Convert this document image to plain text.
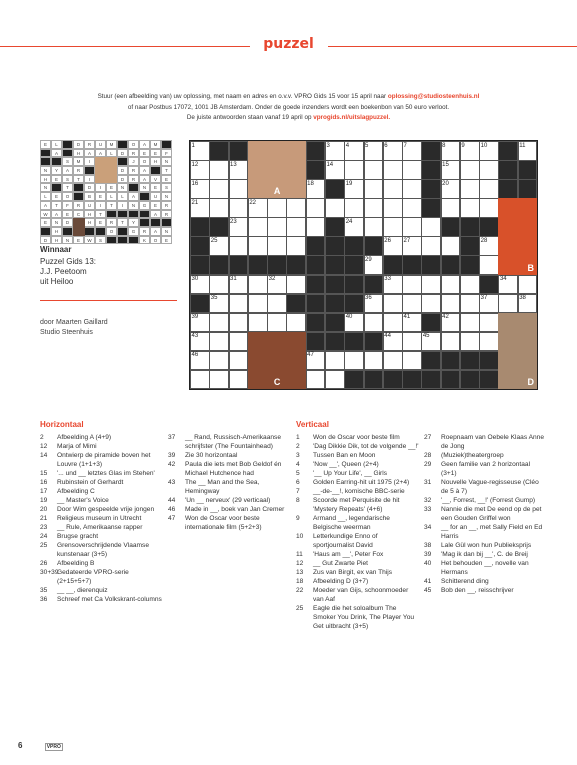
puzzel
Stuur (een afbeelding van) uw oplossing, met naam en adres en o.v.v. VPRO Gids 15 voor 15 april naar oplossing@studiosteenhuis.nl
of naar Postbus 17072, 1001 JB Amsterdam. Onder de goede inzenders wordt een boekenbon van 50 euro verloot.
De juiste antwoorden staan vanaf 19 april op vprogids.nl/uitslagpuzzel.
E	L	D	R	U	M	O	A	M
A	H	A	A	L	D	R	E	E	F
S	M	I	J	O	H	N
N	Y	A	R	D	R	A	T
H	E	S	T	I	D	R	A	V	E
N	T	D	I	E	N	N	E	S
L	E	O	B	E	L	L	A	U	N
A	T	F	R	U	I	T	I	N	G	E	R
W	A	E	C	H	T	A	R
E	N	D	H	E	R	T	Y
H	O	G	R	A	N
D	H	N	E	W	S	K	O	E
Winnaar
Puzzel Gids 13:
J.J. Peetoom
uit Heiloo
door Maarten Gaillard
Studio Steenhuis
1	3	4	5	6	7	8	9	10	11
12	13	14	15
16	18	19	20
21	22
23	24
25	26 27	28
29
30	31	32	33	34
35	36	37	38
39	40	41	42
43	44	45
46	47
A
B
C	D
Horizontaal	Verticaal
2	Afbeelding A (4+9)
12	Marja of Mimi
14	Ontwierp de piramide boven het Louvre (1+1+3)
15	'... und __ letztes Glas im Stehen'
16	Rubinstein of Gerhardt
17	Afbeelding C
19	__ Master's Voice
20	Door Wim gespeelde vrije jongen
21	Religieus museum in Utrecht
23	__ Rule, Amerikaanse rapper
24	Brugse gracht
25	Grensoverschrijdende Vlaamse kunstenaar (3+5)
26	Afbeelding B
30+39
Gedateerde VPRO-serie (2+15+5+7)
35	__ __, dierenquiz
36	Schreef met Ca Volkskrant-columns
37	__ Rand, Russisch-Amerikaanse schrijfster (The Fountainhead)
39	Zie 30 horizontaal
42	Paula die iets met Bob Geldof én Michael Hutchence had
43	The __ Man and the Sea, Hemingway
44	'Un __ nerveux' (29 verticaal)
46	Made in __, boek van Jan Cremer
47	Won de Oscar voor beste internationale film (5+2+3)
1	Won de Oscar voor beste film
2	'Dag Dikkie Dik, tot de volgende __!'
3	Tussen Ban en Moon
4	'Now __', Queen (2+4)
5	'__ Up Your Life', __ Girls
6	Golden Earring-hit uit 1975 (2+4)
7	__-de-__!, komische BBC-serie
8	Scoorde met Perquisite de hit 'Mystery Repeats' (4+6)
9	Armand __, legendarische Belgische weerman
10	Letterkundige Enno of sportjournalist David
11	'Haus am __', Peter Fox
12	__ Gut Zwarte Piet
13	Zus van Birgit, ex van Thijs
18	Afbeelding D (3+7)
22	Moeder van Gijs, schoonmoeder van Aaf
25	Eagle die het soloalbum The Smoker You Drink, The Player You Get uitbracht (3+5)
27	Roepnaam van Oebele Klaas Anne de Jong
28	(Muziek)theatergroep
29	Geen familie van 2 horizontaal (3+1)
31	Nouvelle Vague-regisseuse (Cléo de 5 à 7)
32	'__, Forrest, __!' (Forrest Gump)
33	Nannie die met De eend op de pet een Gouden Griffel won
34	__ for an __, met Sally Field en Ed Harris
38	Lale Gül won hun Publieksprijs
39	'Mag ik dan bij __', C. de Breij
40	Het behouden __, novelle van Hermans
41	Schitterend ding
45	Bob den __, reisschrijver
6	VPRO
